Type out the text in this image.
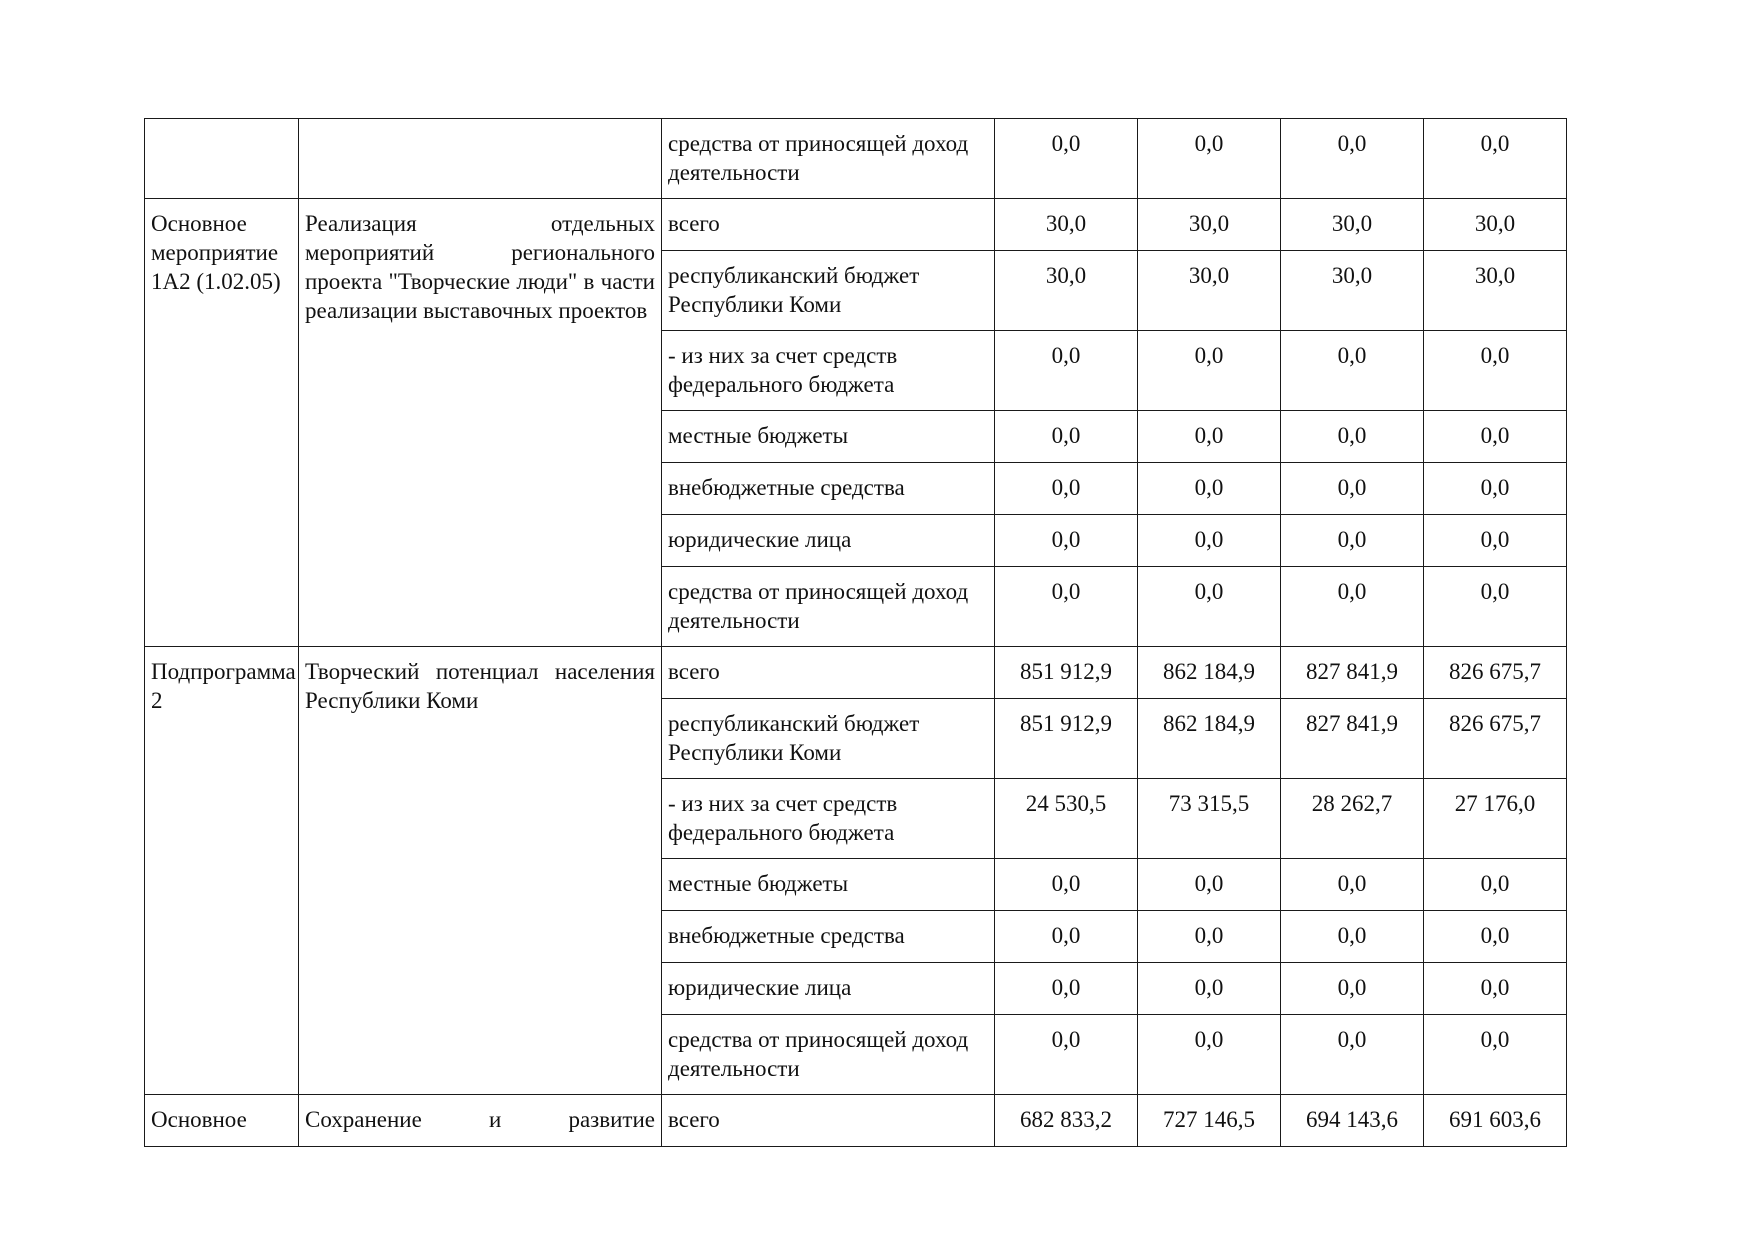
		средства от приносящей доход деятельности	0,0	0,0	0,0	0,0
Основное мероприятие 1А2 (1.02.05)	Реализация отдельных мероприятий регионального проекта "Творческие люди" в части реализации выставочных проектов	всего	30,0	30,0	30,0	30,0
		республиканский бюджет Республики Коми	30,0	30,0	30,0	30,0
		- из них за счет средств федерального бюджета	0,0	0,0	0,0	0,0
		местные бюджеты	0,0	0,0	0,0	0,0
		внебюджетные средства	0,0	0,0	0,0	0,0
		юридические лица	0,0	0,0	0,0	0,0
		средства от приносящей доход деятельности	0,0	0,0	0,0	0,0
Подпрограмма 2	Творческий потенциал населения Республики Коми	всего	851 912,9	862 184,9	827 841,9	826 675,7
		республиканский бюджет Республики Коми	851 912,9	862 184,9	827 841,9	826 675,7
		- из них за счет средств федерального бюджета	24 530,5	73 315,5	28 262,7	27 176,0
		местные бюджеты	0,0	0,0	0,0	0,0
		внебюджетные средства	0,0	0,0	0,0	0,0
		юридические лица	0,0	0,0	0,0	0,0
		средства от приносящей доход деятельности	0,0	0,0	0,0	0,0
Основное	Сохранение и развитие	всего	682 833,2	727 146,5	694 143,6	691 603,6
